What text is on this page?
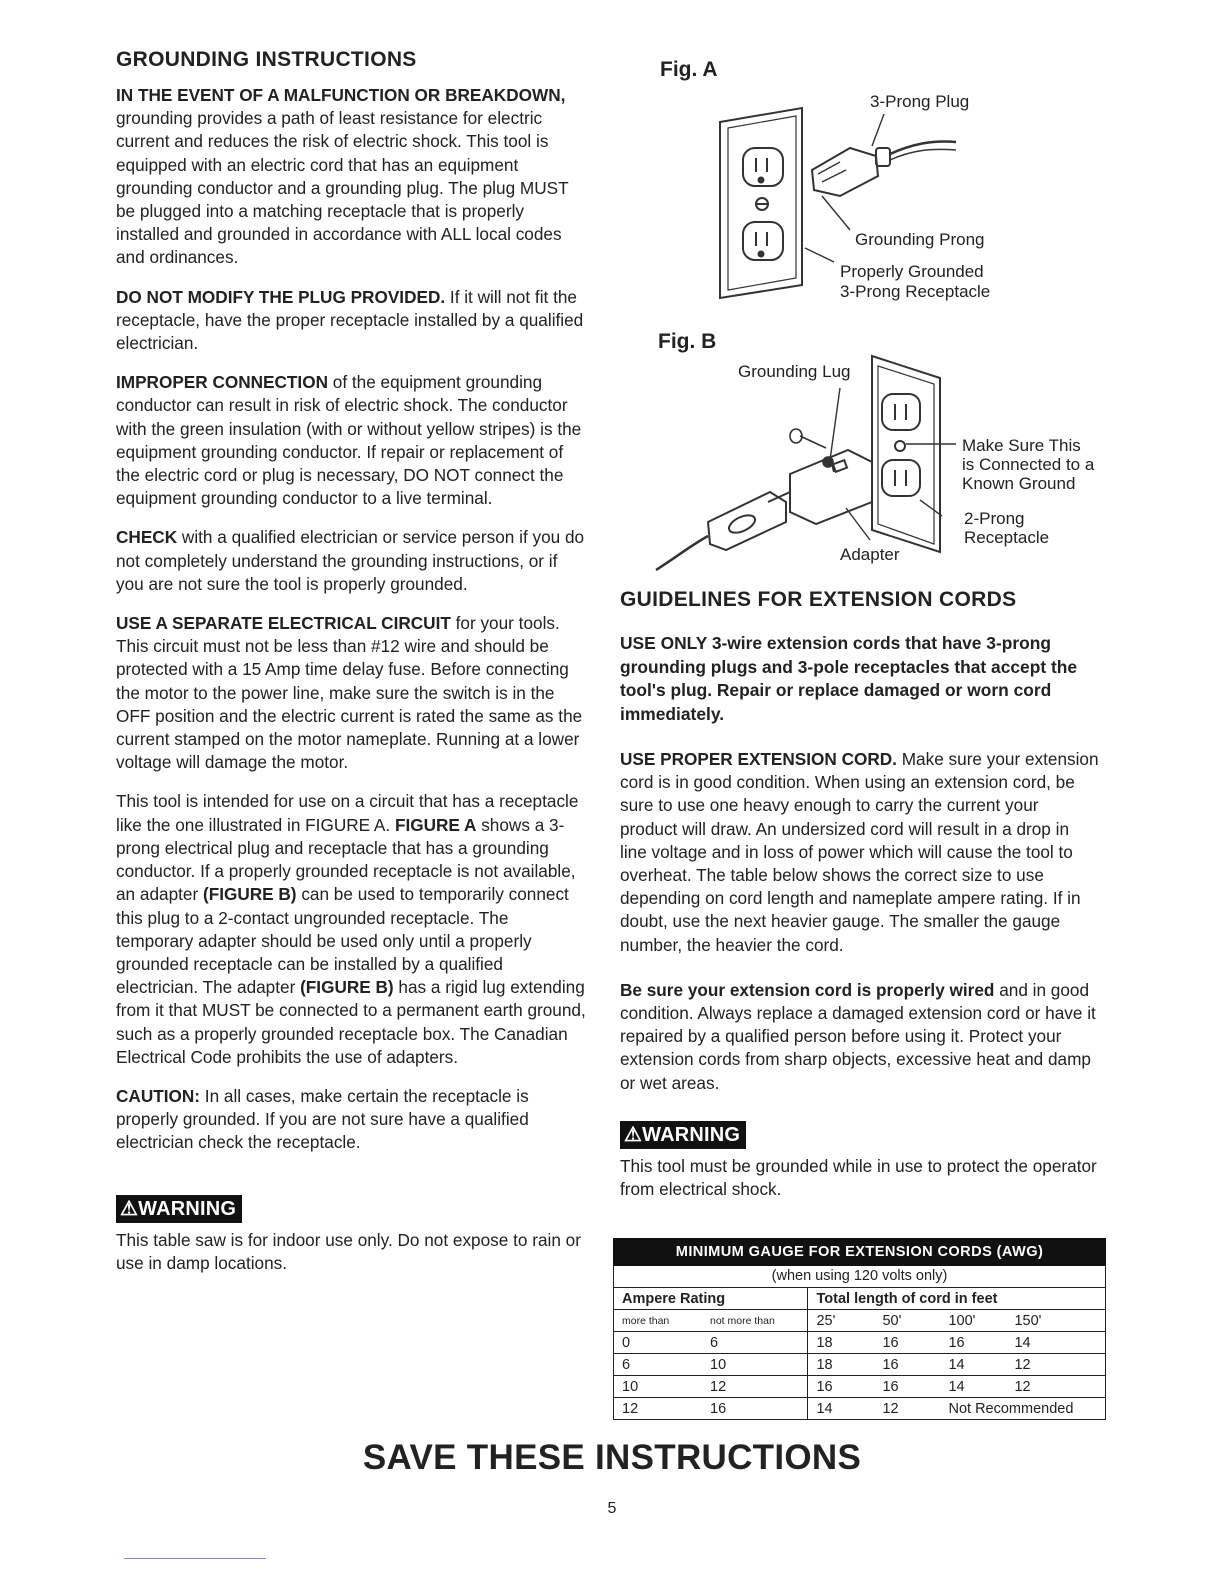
GROUNDING INSTRUCTIONS

IN THE EVENT OF A MALFUNCTION OR BREAKDOWN, grounding provides a path of least resistance for electric current and reduces the risk of electric shock. This tool is equipped with an electric cord that has an equipment grounding conductor and a grounding plug. The plug MUST be plugged into a matching receptacle that is properly installed and grounded in accordance with ALL local codes and ordinances.

DO NOT MODIFY THE PLUG PROVIDED. If it will not fit the receptacle, have the proper receptacle installed by a qualified electrician.

IMPROPER CONNECTION of the equipment grounding conductor can result in risk of electric shock. The conductor with the green insulation (with or without yellow stripes) is the equipment grounding conductor. If repair or replacement of the electric cord or plug is necessary, DO NOT connect the equipment grounding conductor to a live terminal.

CHECK with a qualified electrician or service person if you do not completely understand the grounding instructions, or if you are not sure the tool is properly grounded.

USE A SEPARATE ELECTRICAL CIRCUIT for your tools. This circuit must not be less than #12 wire and should be protected with a 15 Amp time delay fuse. Before connecting the motor to the power line, make sure the switch is in the OFF position and the electric current is rated the same as the current stamped on the motor nameplate. Running at a lower voltage will damage the motor.

This tool is intended for use on a circuit that has a receptacle like the one illustrated in FIGURE A. FIGURE A shows a 3-prong electrical plug and receptacle that has a grounding conductor. If a properly grounded receptacle is not available, an adapter (FIGURE B) can be used to temporarily connect this plug to a 2-contact ungrounded receptacle. The temporary adapter should be used only until a properly grounded receptacle can be installed by a qualified electrician. The adapter (FIGURE B) has a rigid lug extending from it that MUST be connected to a permanent earth ground, such as a properly grounded receptacle box. The Canadian Electrical Code prohibits the use of adapters.

CAUTION: In all cases, make certain the receptacle is properly grounded. If you are not sure have a qualified electrician check the receptacle.

⚠WARNING

This table saw is for indoor use only. Do not expose to rain or use in damp locations.

Fig. A
3-Prong Plug
Grounding Prong
Properly Grounded
3-Prong Receptacle
Fig. B
Grounding Lug
Make Sure This
is Connected to a
Known Ground
2-Prong
Receptacle
Adapter
GUIDELINES FOR EXTENSION CORDS

USE ONLY 3-wire extension cords that have 3-prong grounding plugs and 3-pole receptacles that accept the tool's plug. Repair or replace damaged or worn cord immediately.

USE PROPER EXTENSION CORD. Make sure your extension cord is in good condition. When using an extension cord, be sure to use one heavy enough to carry the current your product will draw. An undersized cord will result in a drop in line voltage and in loss of power which will cause the tool to overheat. The table below shows the correct size to use depending on cord length and nameplate ampere rating. If in doubt, use the next heavier gauge. The smaller the gauge number, the heavier the cord.

Be sure your extension cord is properly wired and in good condition. Always replace a damaged extension cord or have it repaired by a qualified person before using it. Protect your extension cords from sharp objects, excessive heat and damp or wet areas.

⚠WARNING

This tool must be grounded while in use to protect the operator from electrical shock.

MINIMUM GAUGE FOR EXTENSION CORDS (AWG)
(when using 120 volts only)
Ampere Rating	Total length of cord in feet
more than not more than	25' 50' 100' 150'
0 6	18 16 16 14
6 10	18 16 14 12
10 12	16 16 14 12
12 16	14 12 Not Recommended
SAVE THESE INSTRUCTIONS
5
